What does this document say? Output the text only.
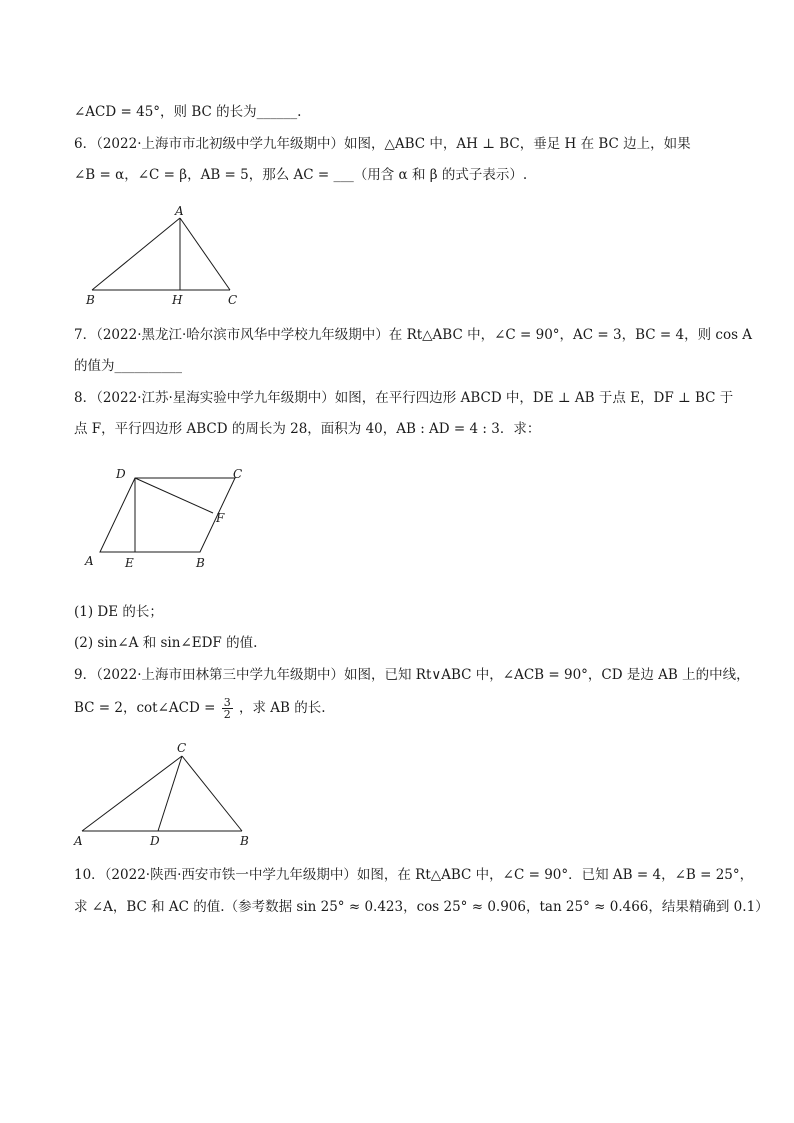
∠ACD = 45°，则 BC 的长为______.
6．（2022·上海市市北初级中学九年级期中）如图，△ABC 中，AH ⊥ BC，垂足 H 在 BC 边上，如果
∠B = α，∠C = β，AB = 5，那么 AC = ___（用含 α 和 β 的式子表示）.
A
B	H	C
7．（2022·黑龙江·哈尔滨市风华中学校九年级期中）在 Rt△ABC 中，∠C = 90°，AC = 3，BC = 4，则 cos A
的值为__________
8．（2022·江苏·星海实验中学九年级期中）如图，在平行四边形 ABCD 中，DE ⊥ AB 于点 E，DF ⊥ BC 于
点 F，平行四边形 ABCD 的周长为 28，面积为 40，AB : AD = 4 : 3．求：
D	C
F
A	E	B
(1) DE 的长；
(2) sin∠A 和 sin∠EDF 的值.
9．（2022·上海市田林第三中学九年级期中）如图，已知 Rt∨ABC 中，∠ACB = 90°，CD 是边 AB 上的中线，
BC = 2，cot∠ACD = $\frac{3}{2}$ ，求 AB 的长.
C
A	D	B
10．（2022·陕西·西安市铁一中学九年级期中）如图，在 Rt△ABC 中，∠C = 90°．已知 AB = 4，∠B = 25°，
求 ∠A，BC 和 AC 的值.（参考数据 sin 25° ≈ 0.423，cos 25° ≈ 0.906，tan 25° ≈ 0.466，结果精确到 0.1）
